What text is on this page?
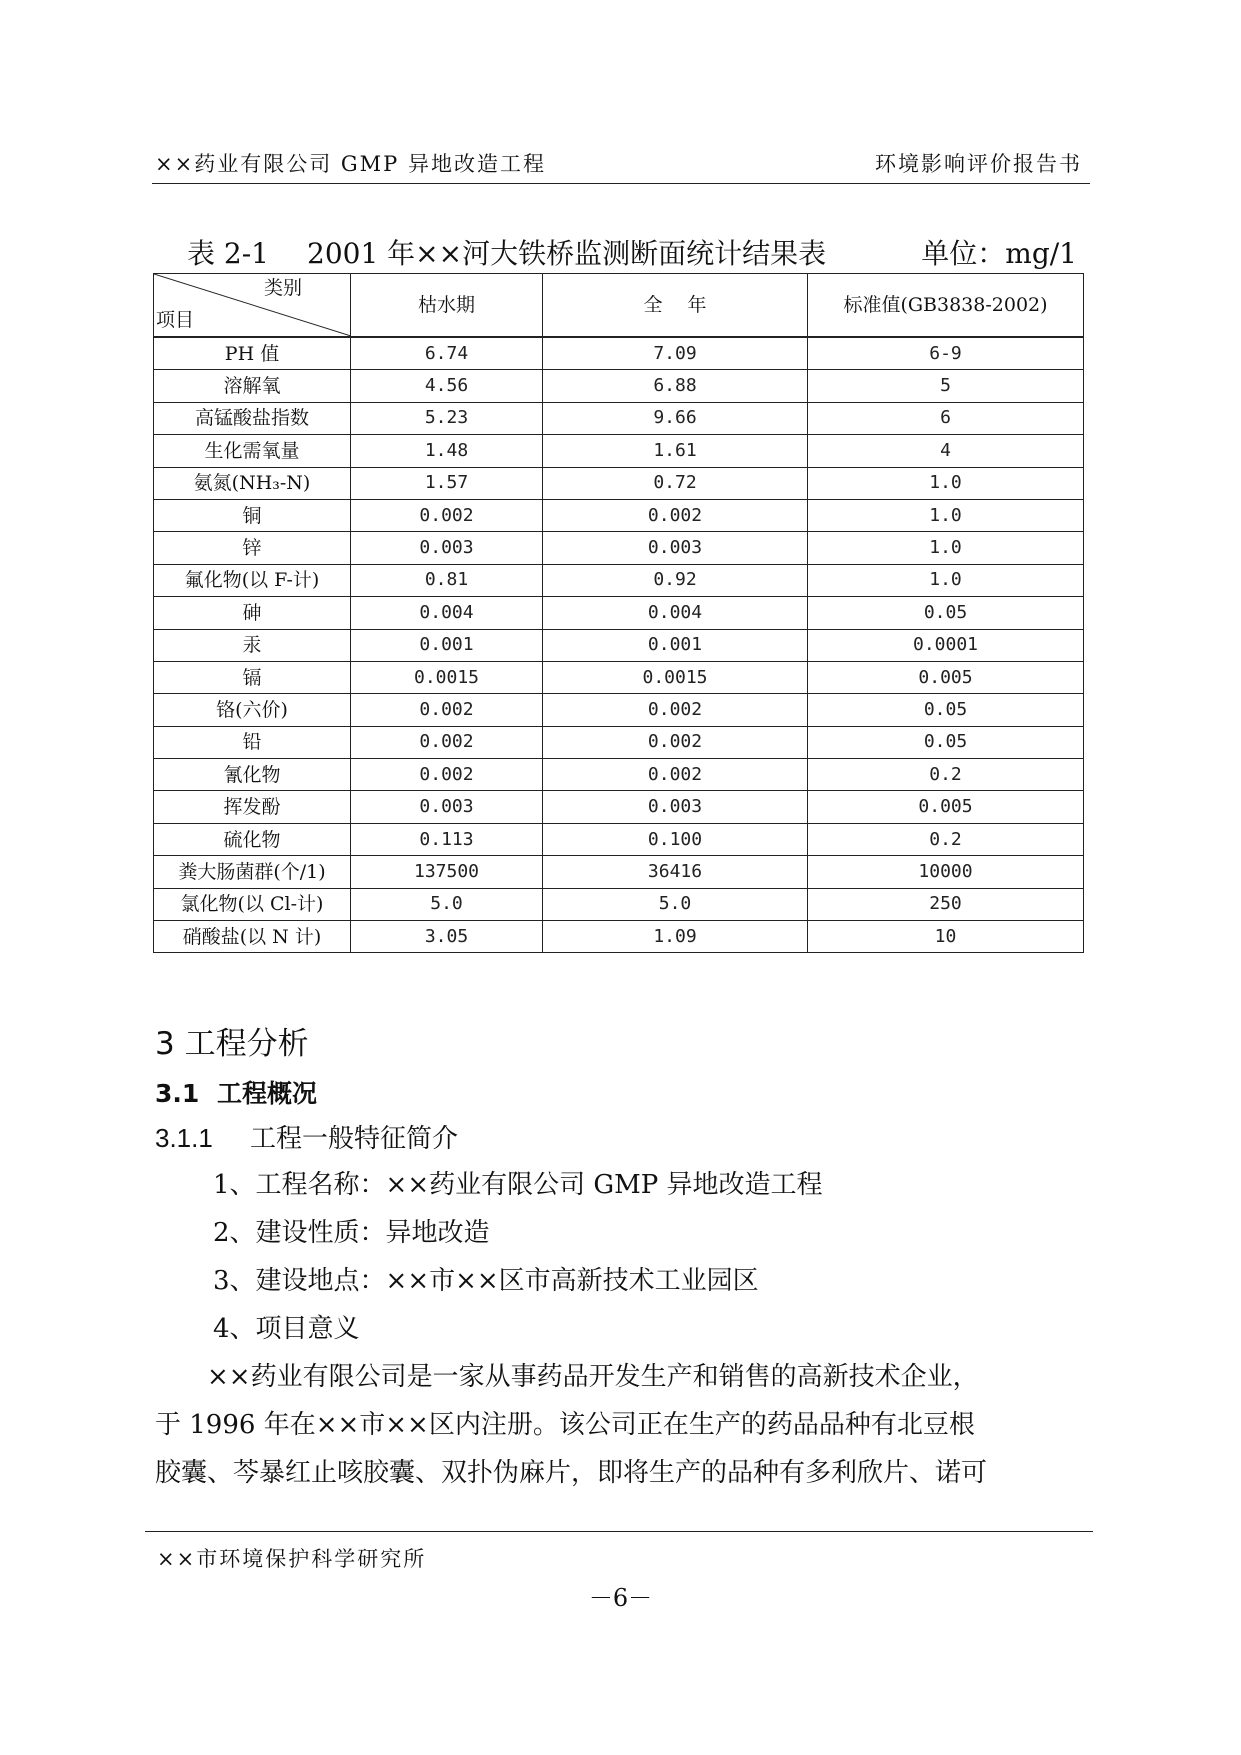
××药业有限公司 GMP 异地改造工程	环境影响评价报告书
表 2-1 2001 年××河大铁桥监测断面统计结果表	单位：mg/1
类别
项目	枯水期	全　 年	标准值(GB3838-2002)
PH 值	6.74	7.09	6-9
溶解氧	4.56	6.88	5
高锰酸盐指数	5.23	9.66	6
生化需氧量	1.48	1.61	4
氨氮(NH₃-N)	1.57	0.72	1.0
铜	0.002	0.002	1.0
锌	0.003	0.003	1.0
氟化物(以 F-计)	0.81	0.92	1.0
砷	0.004	0.004	0.05
汞	0.001	0.001	0.0001
镉	0.0015	0.0015	0.005
铬(六价)	0.002	0.002	0.05
铅	0.002	0.002	0.05
氰化物	0.002	0.002	0.2
挥发酚	0.003	0.003	0.005
硫化物	0.113	0.100	0.2
粪大肠菌群(个/1)	137500	36416	10000
氯化物(以 Cl-计)	5.0	5.0	250
硝酸盐(以 N 计)	3.05	1.09	10
3 工程分析
3.1 工程概况
3.1.1 工程一般特征简介
1、工程名称：××药业有限公司 GMP 异地改造工程
2、建设性质：异地改造
3、建设地点：××市××区市高新技术工业园区
4、项目意义
　　××药业有限公司是一家从事药品开发生产和销售的高新技术企业，
于 1996 年在××市××区内注册。该公司正在生产的药品品种有北豆根
胶囊、芩暴红止咳胶囊、双扑伪麻片，即将生产的品种有多利欣片、诺可
××市环境保护科学研究所
－6－
